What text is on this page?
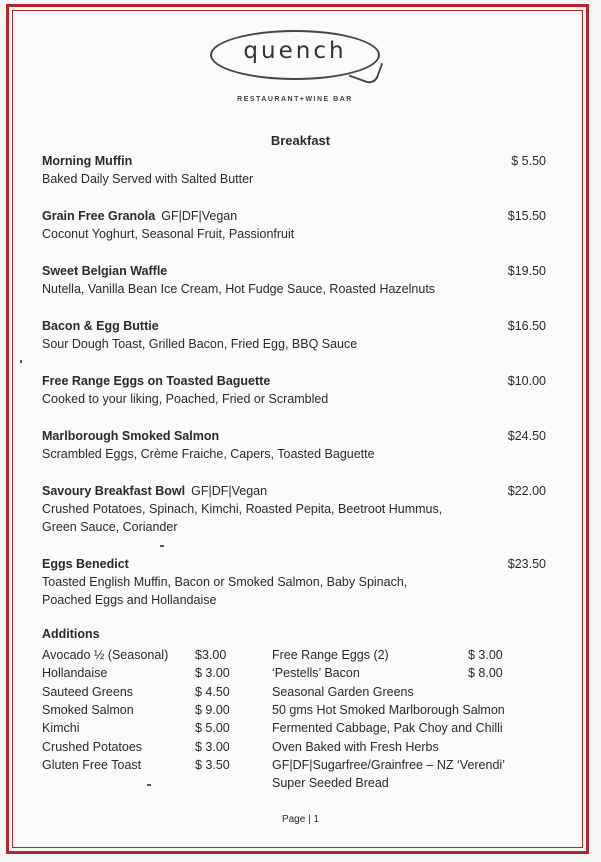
quench
RESTAURANT+WINE BAR
Breakfast
Morning Muffin	$ 5.50
Baked Daily Served with Salted Butter
Grain Free Granola GF|DF|Vegan	$15.50
Coconut Yoghurt, Seasonal Fruit, Passionfruit
Sweet Belgian Waffle	$19.50
Nutella, Vanilla Bean Ice Cream, Hot Fudge Sauce, Roasted Hazelnuts
Bacon & Egg Buttie	$16.50
Sour Dough Toast, Grilled Bacon, Fried Egg, BBQ Sauce
Free Range Eggs on Toasted Baguette	$10.00
Cooked to your liking, Poached, Fried or Scrambled
Marlborough Smoked Salmon	$24.50
Scrambled Eggs, Crème Fraiche, Capers, Toasted Baguette
Savoury Breakfast Bowl GF|DF|Vegan	$22.00
Crushed Potatoes, Spinach, Kimchi, Roasted Pepita, Beetroot Hummus,
Green Sauce, Coriander
Eggs Benedict	$23.50
Toasted English Muffin, Bacon or Smoked Salmon, Baby Spinach,
Poached Eggs and Hollandaise
Additions
Avocado ½ (Seasonal) $3.00	Free Range Eggs (2)	$ 3.00
Hollandaise	$ 3.00	‘Pestells’ Bacon	$ 8.00
Sauteed Greens	$ 4.50	Seasonal Garden Greens
Smoked Salmon	$ 9.00	50 gms Hot Smoked Marlborough Salmon
Kimchi	$ 5.00	Fermented Cabbage, Pak Choy and Chilli
Crushed Potatoes	$ 3.00	Oven Baked with Fresh Herbs
Gluten Free Toast	$ 3.50	GF|DF|Sugarfree/Grainfree – NZ ‘Verendi’
Super Seeded Bread
Page | 1
